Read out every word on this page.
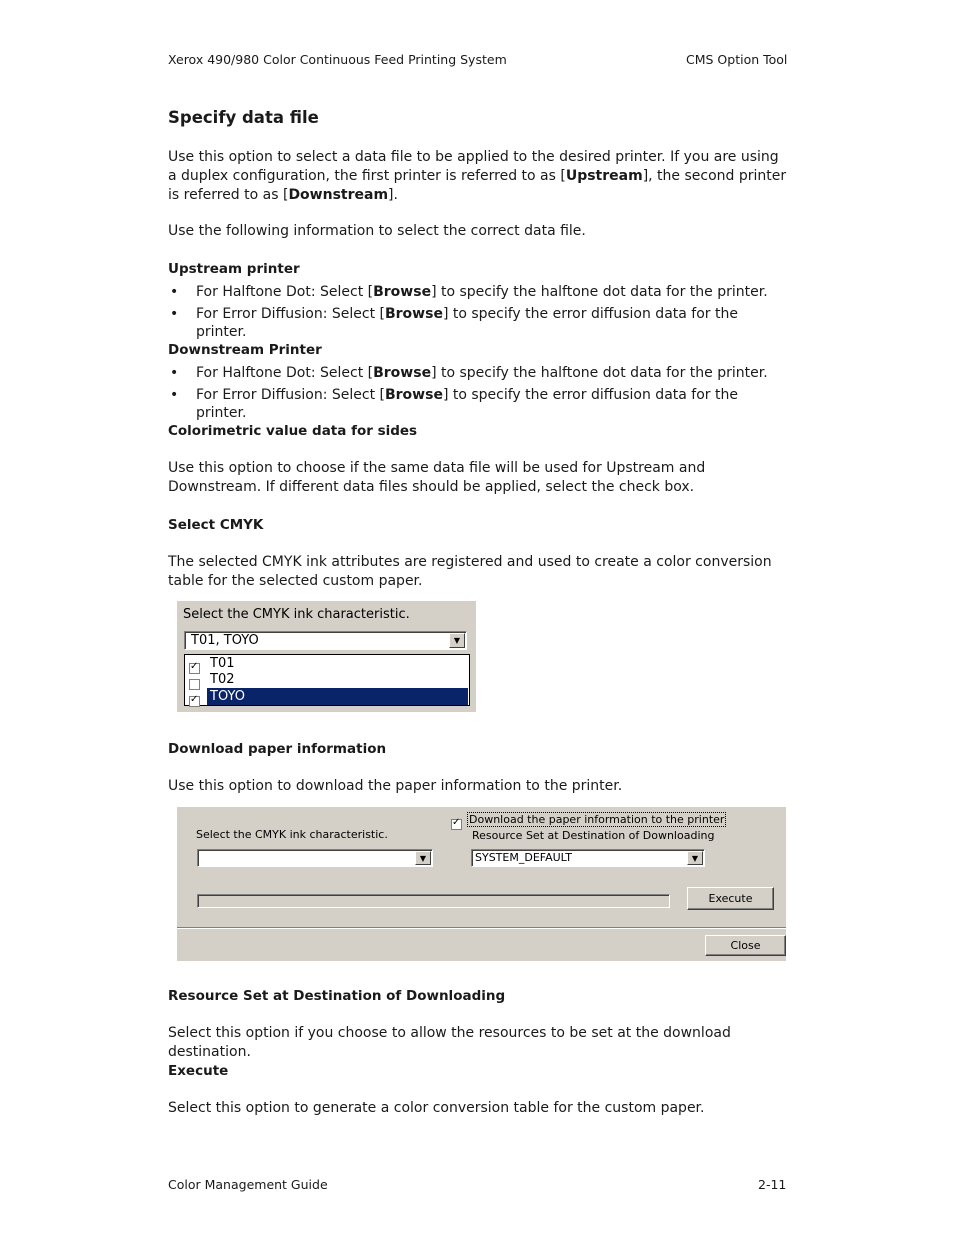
Xerox 490/980 Color Continuous Feed Printing System	CMS Option Tool
Specify data file
Use this option to select a data file to be applied to the desired printer. If you are using a duplex configuration, the first printer is referred to as [Upstream], the second printer is referred to as [Downstream].
Use the following information to select the correct data file.
Upstream printer
• For Halftone Dot: Select [Browse] to specify the halftone dot data for the printer.
• For Error Diffusion: Select [Browse] to specify the error diffusion data for the printer.
Downstream Printer
• For Halftone Dot: Select [Browse] to specify the halftone dot data for the printer.
• For Error Diffusion: Select [Browse] to specify the error diffusion data for the printer.
Colorimetric value data for sides
Use this option to choose if the same data file will be used for Upstream and Downstream. If different data files should be applied, select the check box.
Select CMYK
The selected CMYK ink attributes are registered and used to create a color conversion table for the selected custom paper.
Select the CMYK ink characteristic.
T01, TOYO	▼
✓
T01
T02
✓
TOYO
Download paper information
Use this option to download the paper information to the printer.
Select the CMYK ink characteristic.
▼
✓
Download the paper information to the printer
Resource Set at Destination of Downloading
SYSTEM_DEFAULT	▼
Execute
Close
Resource Set at Destination of Downloading
Select this option if you choose to allow the resources to be set at the download destination.
Execute
Select this option to generate a color conversion table for the custom paper.
Color Management Guide	2-11
